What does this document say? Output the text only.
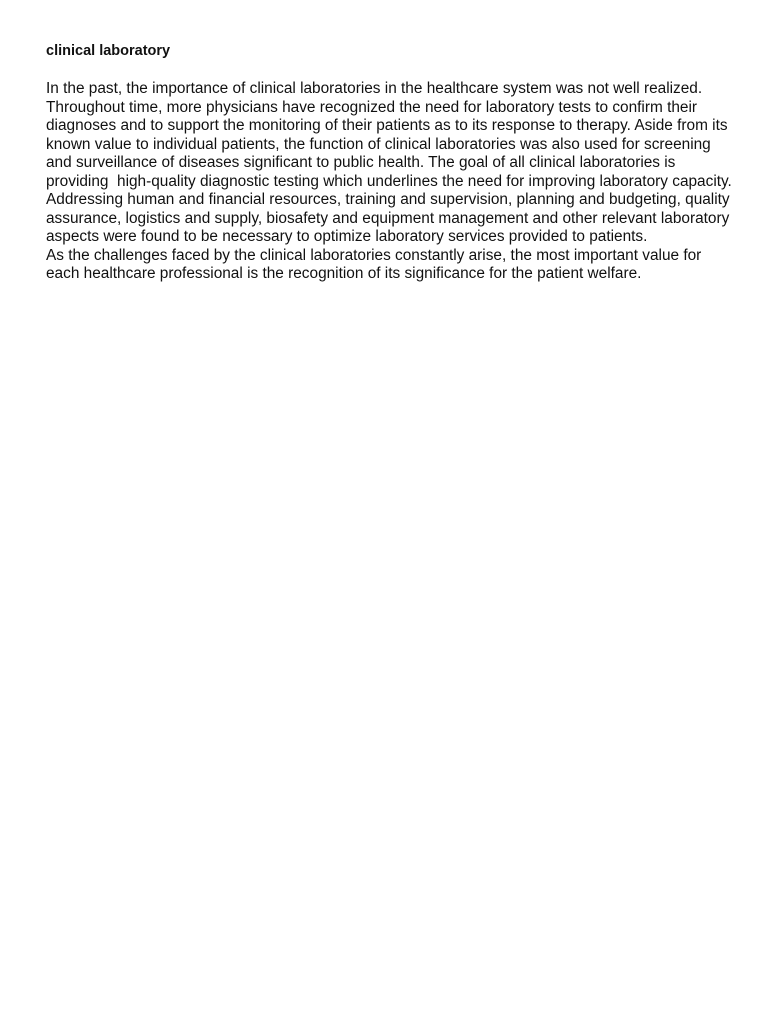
clinical laboratory

In the past, the importance of clinical laboratories in the healthcare system was not well realized. Throughout time, more physicians have recognized the need for laboratory tests to confirm their diagnoses and to support the monitoring of their patients as to its response to therapy. Aside from its known value to individual patients, the function of clinical laboratories was also used for screening and surveillance of diseases significant to public health. The goal of all clinical laboratories is providing  high-quality diagnostic testing which underlines the need for improving laboratory capacity. Addressing human and financial resources, training and supervision, planning and budgeting, quality assurance, logistics and supply, biosafety and equipment management and other relevant laboratory aspects were found to be necessary to optimize laboratory services provided to patients.

As the challenges faced by the clinical laboratories constantly arise, the most important value for each healthcare professional is the recognition of its significance for the patient welfare.
